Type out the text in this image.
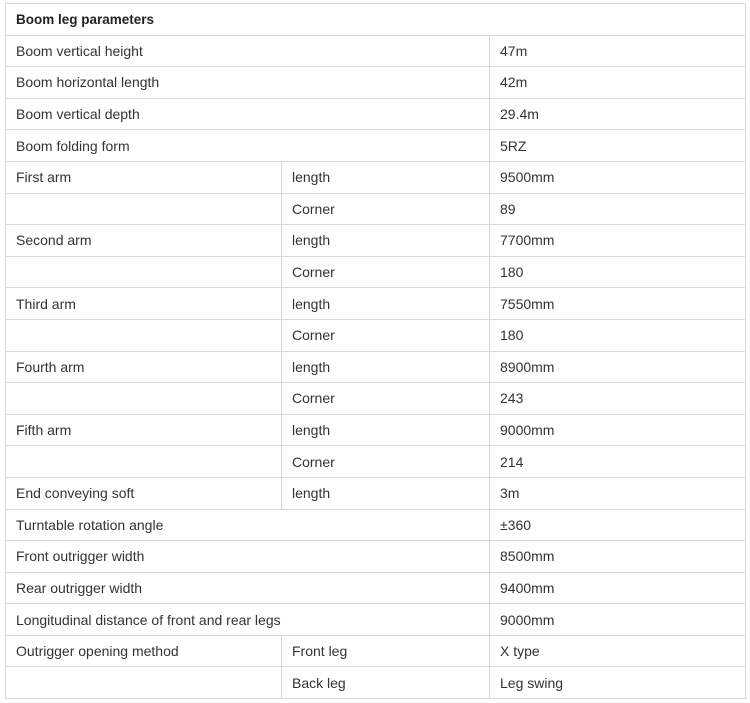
Boom leg parameters		
Boom vertical height		47m
Boom horizontal length		42m
Boom vertical depth		29.4m
Boom folding form		5RZ
First arm	length	9500mm
	Corner	89
Second arm	length	7700mm
	Corner	180
Third arm	length	7550mm
	Corner	180
Fourth arm	length	8900mm
	Corner	243
Fifth arm	length	9000mm
	Corner	214
End conveying soft	length	3m
Turntable rotation angle		±360
Front outrigger width		8500mm
Rear outrigger width		9400mm
Longitudinal distance of front and rear legs		9000mm
Outrigger opening method	Front leg	X type
	Back leg	Leg swing
